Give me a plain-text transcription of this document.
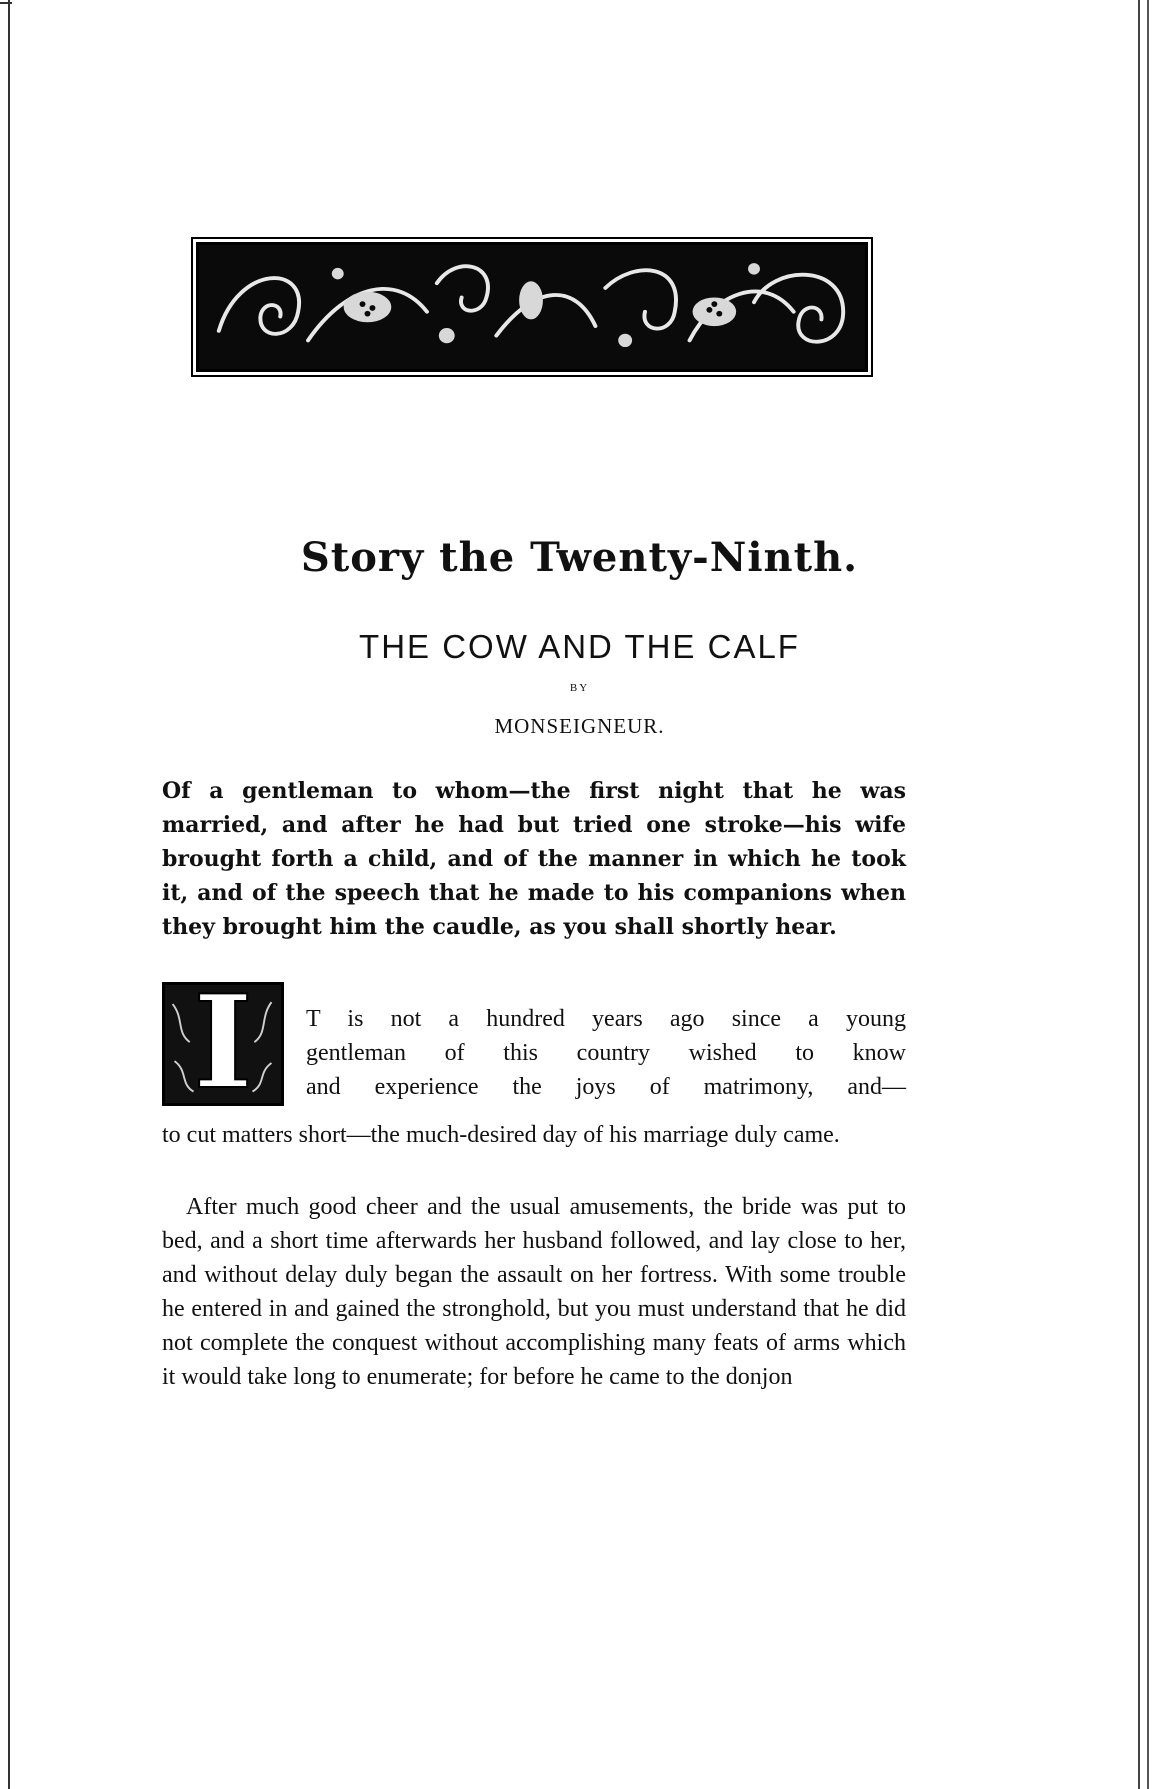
Story the Twenty-Ninth.
THE COW AND THE CALF
BY
MONSEIGNEUR.
Of a gentleman to whom—the first night that he was married, and after he had but tried one stroke—his wife brought forth a child, and of the manner in which he took it, and of the speech that he made to his companions when they brought him the caudle, as you shall shortly hear.
I	T is not a hundred years ago since a young
gentleman of this country wished to know
and experience the joys of matrimony, and—
to cut matters short—the much-desired day of his marriage duly came.
After much good cheer and the usual amusements, the bride was put to bed, and a short time afterwards her husband followed, and lay close to her, and without delay duly began the assault on her fortress. With some trouble he entered in and gained the stronghold, but you must understand that he did not complete the conquest without accomplishing many feats of arms which it would take long to enumerate; for before he came to the donjon
